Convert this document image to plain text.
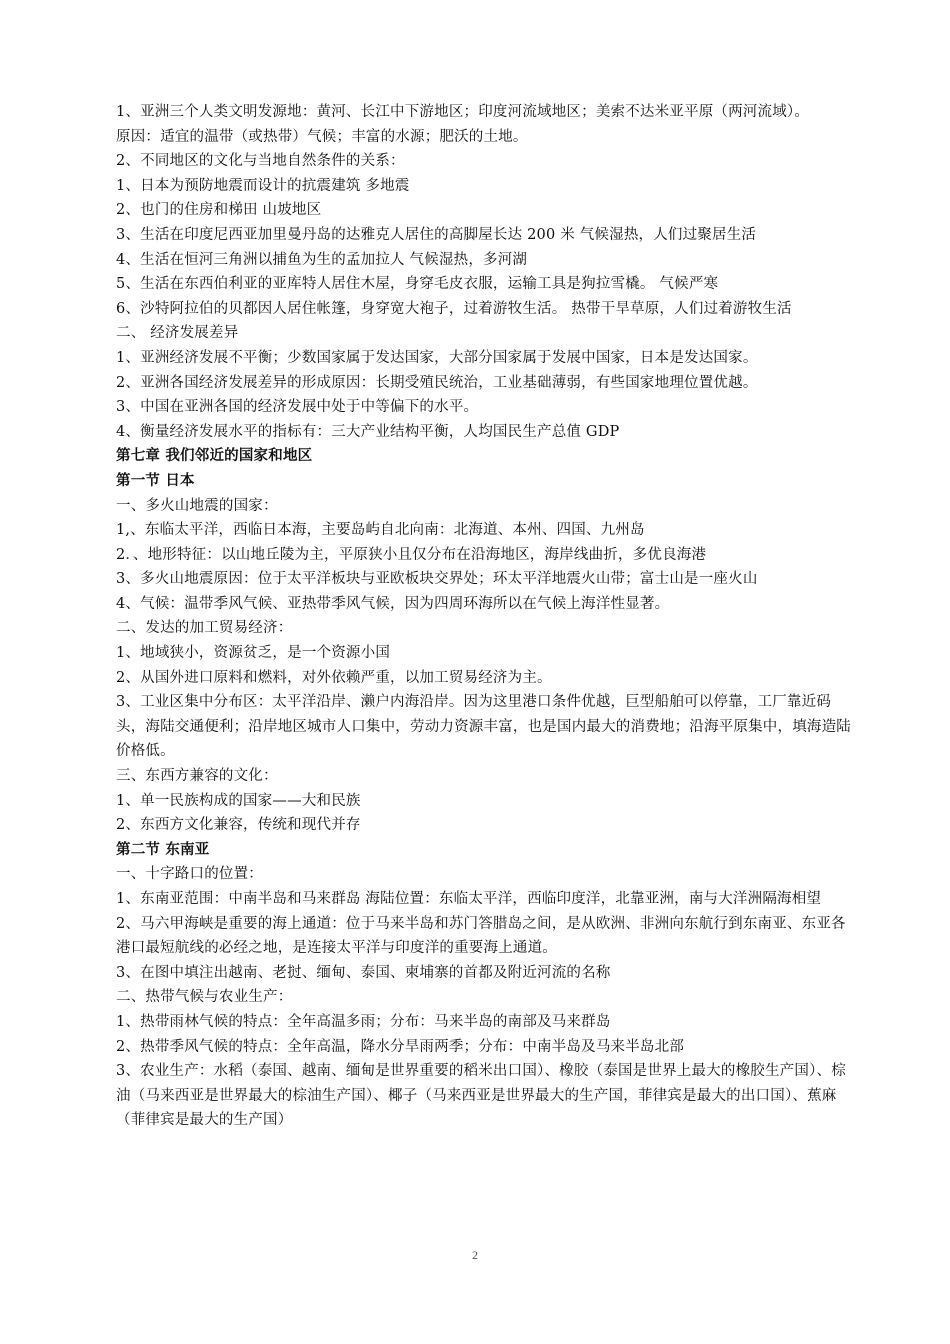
1、亚洲三个人类文明发源地：黄河、长江中下游地区；印度河流域地区；美索不达米亚平原（两河流域）。
原因：适宜的温带（或热带）气候；丰富的水源；肥沃的土地。
2、不同地区的文化与当地自然条件的关系：
1、日本为预防地震而设计的抗震建筑 多地震
2、也门的住房和梯田 山坡地区
3、生活在印度尼西亚加里曼丹岛的达雅克人居住的高脚屋长达 200 米 气候湿热，人们过聚居生活
4、生活在恒河三角洲以捕鱼为生的孟加拉人 气候湿热，多河湖
5、生活在东西伯利亚的亚库特人居住木屋，身穿毛皮衣服，运输工具是狗拉雪橇。 气候严寒
6、沙特阿拉伯的贝都因人居住帐篷，身穿宽大袍子，过着游牧生活。 热带干旱草原，人们过着游牧生活
二、 经济发展差异
1、亚洲经济发展不平衡；少数国家属于发达国家，大部分国家属于发展中国家，日本是发达国家。
2、亚洲各国经济发展差异的形成原因：长期受殖民统治，工业基础薄弱，有些国家地理位置优越。
3、中国在亚洲各国的经济发展中处于中等偏下的水平。
4、衡量经济发展水平的指标有：三大产业结构平衡，人均国民生产总值 GDP
第七章 我们邻近的国家和地区
第一节 日本
一、多火山地震的国家：
1,、东临太平洋，西临日本海，主要岛屿自北向南：北海道、本州、四国、九州岛
2．、地形特征：以山地丘陵为主，平原狭小且仅分布在沿海地区，海岸线曲折，多优良海港
3、多火山地震原因：位于太平洋板块与亚欧板块交界处；环太平洋地震火山带；富士山是一座火山
4、气候：温带季风气候、亚热带季风气候，因为四周环海所以在气候上海洋性显著。
二、发达的加工贸易经济：
1、地域狭小，资源贫乏，是一个资源小国
2、从国外进口原料和燃料，对外依赖严重，以加工贸易经济为主。
3、工业区集中分布区：太平洋沿岸、濑户内海沿岸。因为这里港口条件优越，巨型船舶可以停靠，工厂靠近码头，海陆交通便利；沿岸地区城市人口集中，劳动力资源丰富，也是国内最大的消费地；沿海平原集中，填海造陆价格低。
三、东西方兼容的文化：
1、单一民族构成的国家——大和民族
2、东西方文化兼容，传统和现代并存
第二节 东南亚
一、十字路口的位置：
1、东南亚范围：中南半岛和马来群岛 海陆位置：东临太平洋，西临印度洋，北靠亚洲，南与大洋洲隔海相望
2、马六甲海峡是重要的海上通道：位于马来半岛和苏门答腊岛之间，是从欧洲、非洲向东航行到东南亚、东亚各港口最短航线的必经之地，是连接太平洋与印度洋的重要海上通道。
3、在图中填注出越南、老挝、缅甸、泰国、柬埔寨的首都及附近河流的名称
二、热带气候与农业生产：
1、热带雨林气候的特点：全年高温多雨；分布：马来半岛的南部及马来群岛
2、热带季风气候的特点：全年高温，降水分旱雨两季；分布：中南半岛及马来半岛北部
3、农业生产：水稻（泰国、越南、缅甸是世界重要的稻米出口国）、橡胶（泰国是世界上最大的橡胶生产国）、棕油（马来西亚是世界最大的棕油生产国）、椰子（马来西亚是世界最大的生产国，菲律宾是最大的出口国）、蕉麻（菲律宾是最大的生产国）
2
